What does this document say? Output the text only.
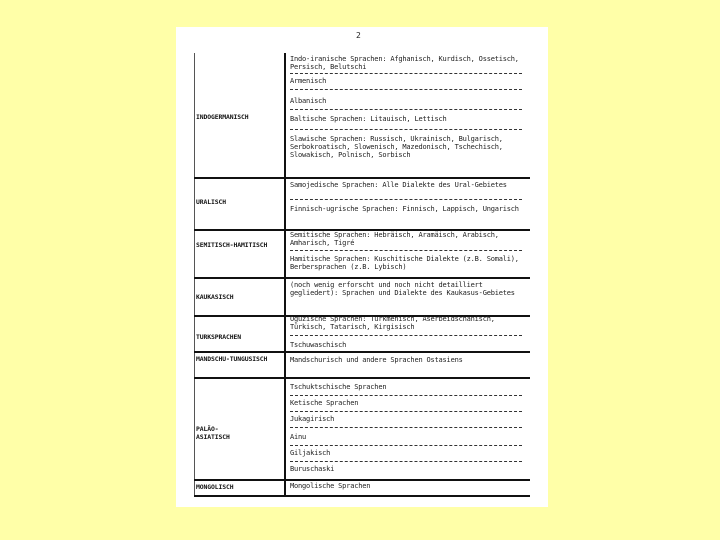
2
INDOGERMANISCH
Indo-iranische Sprachen: Afghanisch, Kurdisch, Ossetisch, Persisch, Belutschi
Armenisch
Albanisch
Baltische Sprachen: Litauisch, Lettisch
Slawische Sprachen: Russisch, Ukrainisch, Bulgarisch, Serbokroatisch, Slowenisch, Mazedonisch, Tschechisch, Slowakisch, Polnisch, Sorbisch
URALISCH
Samojedische Sprachen: Alle Dialekte des Ural-Gebietes
Finnisch-ugrische Sprachen: Finnisch, Lappisch, Ungarisch
SEMITISCH-HAMITISCH
Semitische Sprachen: Hebräisch, Aramäisch, Arabisch, Amharisch, Tigré
Hamitische Sprachen: Kuschitische Dialekte (z.B. Somali), Berbersprachen (z.B. Lybisch)
KAUKASISCH
(noch wenig erforscht und noch nicht detailliert gegliedert): Sprachen und Dialekte des Kaukasus-Gebietes
TURKSPRACHEN
Oguzische Sprachen: Turkmenisch, Aserbeidschanisch, Türkisch, Tatarisch, Kirgisisch
Tschuwaschisch
MANDSCHU-TUNGUSISCH	Mandschurisch und andere Sprachen Ostasiens
PALÄO-ASIATISCH
Tschuktschische Sprachen
Ketische Sprachen
Jukagirisch
Ainu
Giljakisch
Buruschaski
MONGOLISCH	Mongolische Sprachen
